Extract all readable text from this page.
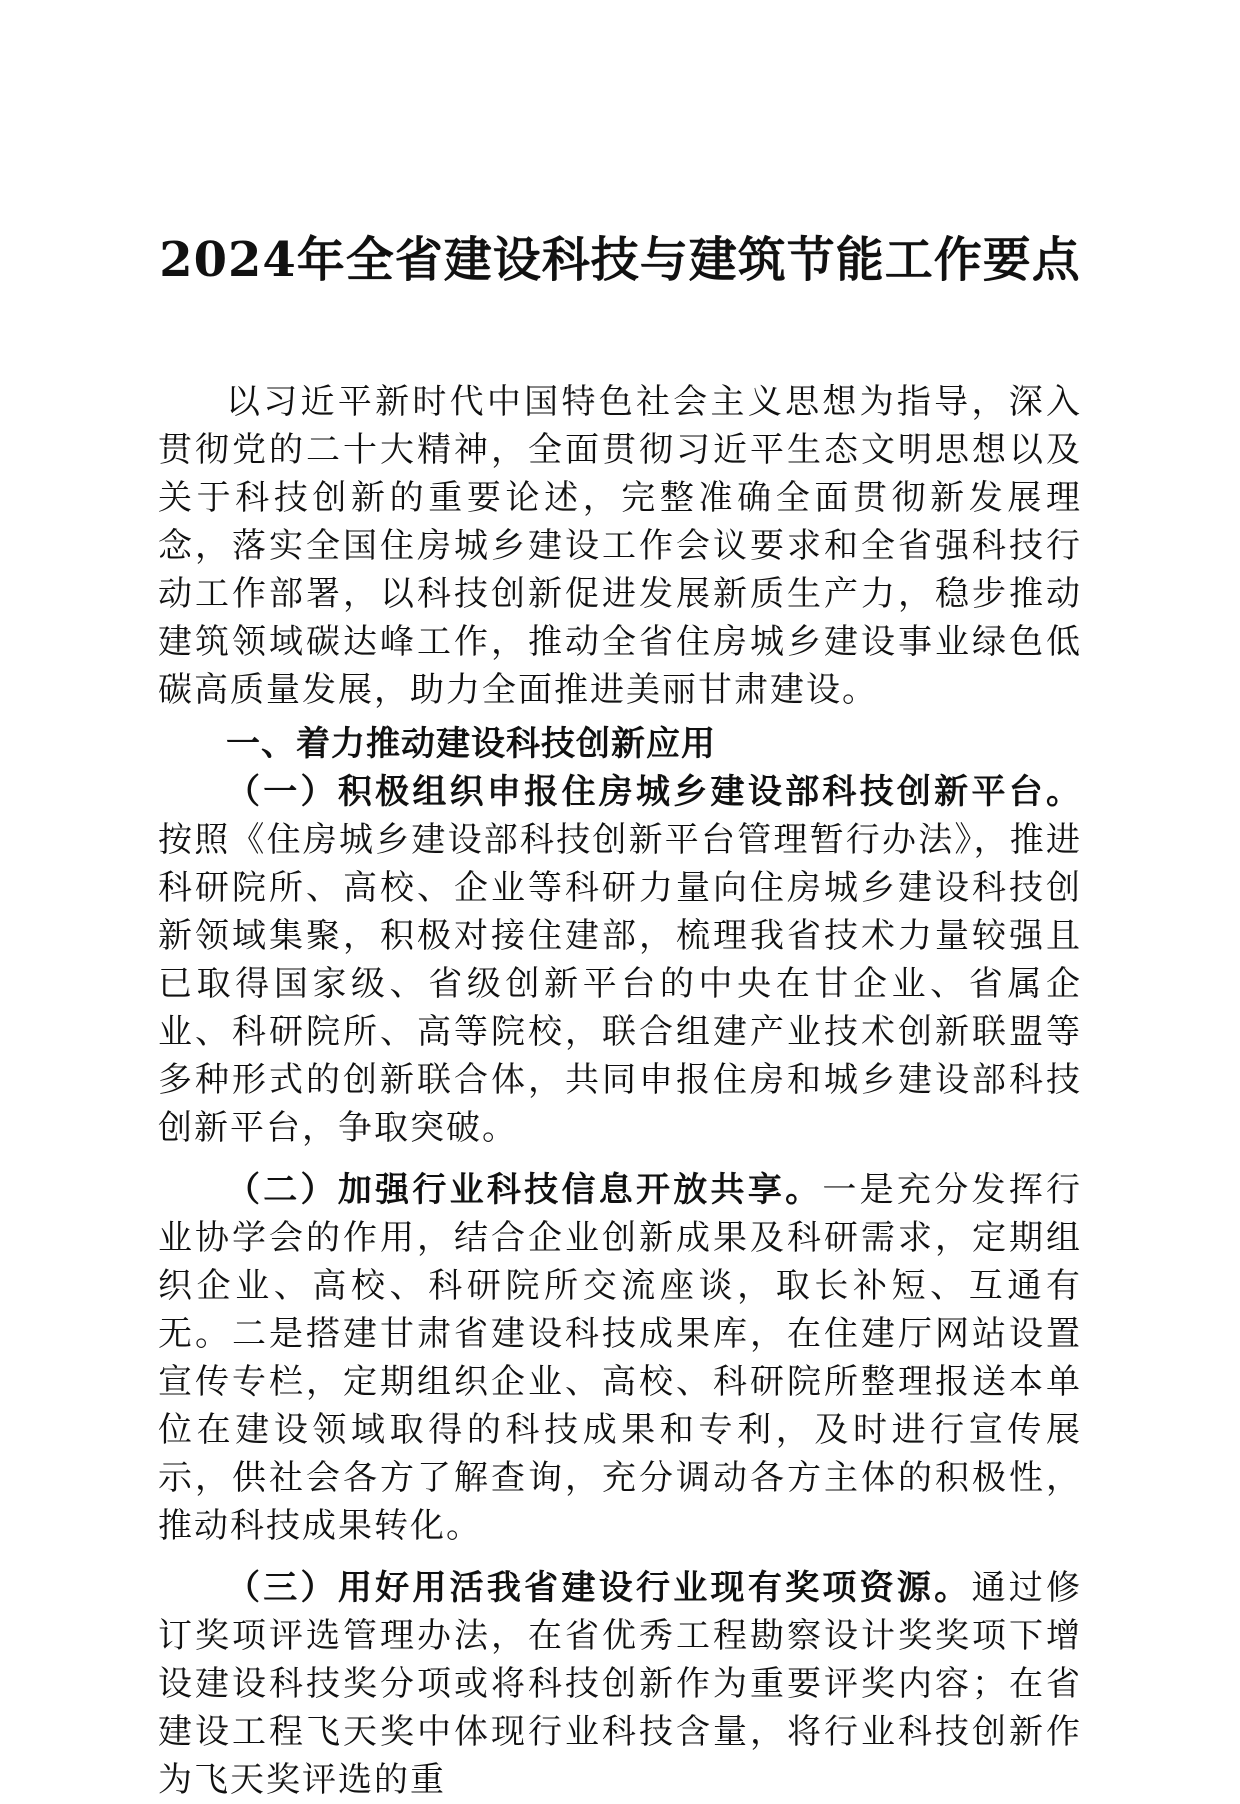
2024年全省建设科技与建筑节能工作要点

以习近平新时代中国特色社会主义思想为指导，深入贯彻党的二十大精神，全面贯彻习近平生态文明思想以及关于科技创新的重要论述，完整准确全面贯彻新发展理念，落实全国住房城乡建设工作会议要求和全省强科技行动工作部署，以科技创新促进发展新质生产力，稳步推动建筑领域碳达峰工作，推动全省住房城乡建设事业绿色低碳高质量发展，助力全面推进美丽甘肃建设。

一、着力推动建设科技创新应用

（一）积极组织申报住房城乡建设部科技创新平台。按照《住房城乡建设部科技创新平台管理暂行办法》，推进科研院所、高校、企业等科研力量向住房城乡建设科技创新领域集聚，积极对接住建部，梳理我省技术力量较强且已取得国家级、省级创新平台的中央在甘企业、省属企业、科研院所、高等院校，联合组建产业技术创新联盟等多种形式的创新联合体，共同申报住房和城乡建设部科技创新平台，争取突破。

（二）加强行业科技信息开放共享。一是充分发挥行业协学会的作用，结合企业创新成果及科研需求，定期组织企业、高校、科研院所交流座谈，取长补短、互通有无。二是搭建甘肃省建设科技成果库，在住建厅网站设置宣传专栏，定期组织企业、高校、科研院所整理报送本单位在建设领域取得的科技成果和专利，及时进行宣传展示，供社会各方了解查询，充分调动各方主体的积极性，推动科技成果转化。

（三）用好用活我省建设行业现有奖项资源。通过修订奖项评选管理办法，在省优秀工程勘察设计奖奖项下增设建设科技奖分项或将科技创新作为重要评奖内容；在省建设工程飞天奖中体现行业科技含量，将行业科技创新作为飞天奖评选的重
